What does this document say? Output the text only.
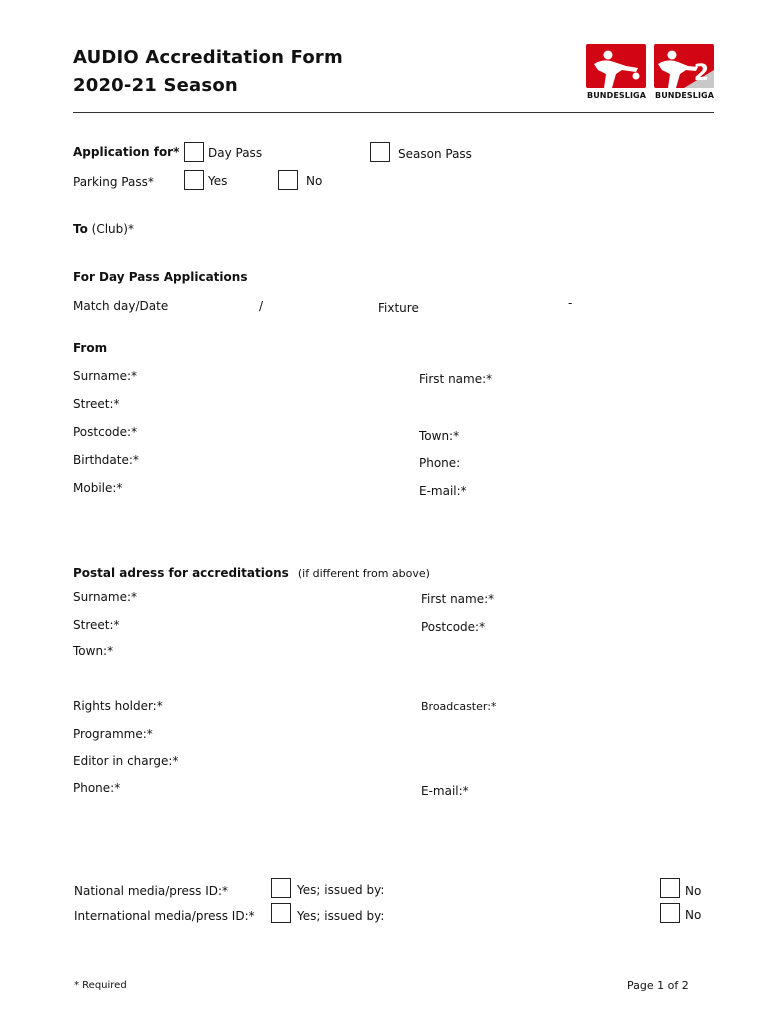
AUDIO Accreditation Form
2020-21 Season	BUNDESLIGA
2
BUNDESLIGA
Application for* Day Pass	Season Pass
Parking Pass*	Yes	No
To (Club)*
For Day Pass Applications
Match day/Date	/	Fixture	-
From
Surname:*	First name:*
Street:*
Postcode:*	Town:*
Birthdate:*	Phone:
Mobile:*	E-mail:*
Postal adress for accreditations (if different from above)
Surname:*	First name:*
Street:*	Postcode:*
Town:*
Rights holder:*	Broadcaster:*
Programme:*
Editor in charge:*
Phone:*	E-mail:*
National media/press ID:*	Yes; issued by:	No
International media/press ID:*	Yes; issued by:	No
* Required	Page 1 of 2
